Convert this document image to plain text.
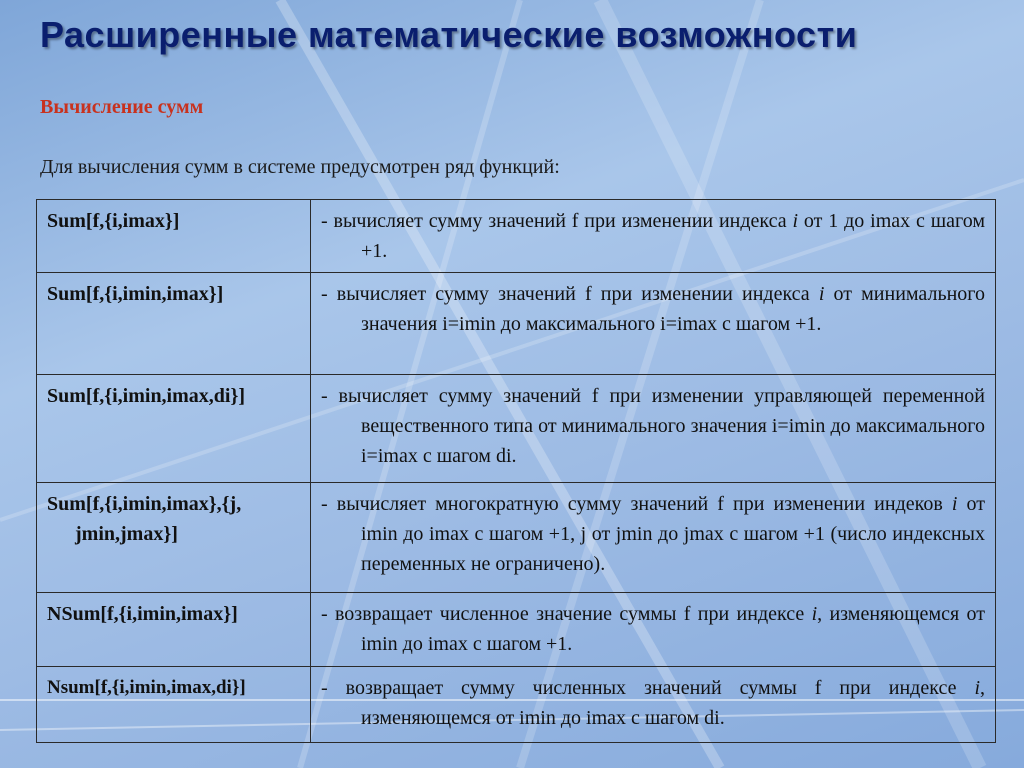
Расширенные математические возможности
Вычисление сумм
Для вычисления сумм в системе предусмотрен ряд функций:
Sum[f,{i,imax}]	- вычисляет сумму значений f при изменении индекса i от 1 до imax с шагом +1.

Sum[f,{i,imin,imax}]	- вычисляет сумму значений f при изменении индекса i от минимального значения i=imin до максимального i=imax с шагом +1.

Sum[f,{i,imin,imax,di}]	- вычисляет сумму значений f при изменении управляющей переменной вещественного типа от минимального значения i=imin до максимального i=imax с шагом di.

Sum[f,{i,imin,imax},{j, jmin,jmax}]	- вычисляет многократную сумму значений f при изменении индеков i от imin до imax с шагом +1, j от jmin до jmax с шагом +1 (число индексных переменных не ограничено).

NSum[f,{i,imin,imax}]	- возвращает численное значение суммы f при индексе i, изменяющемся от imin до imax с шагом +1.

Nsum[f,{i,imin,imax,di}]	- возвращает сумму численных значений суммы f при индексе i, изменяющемся от imin до imax с шагом di.
